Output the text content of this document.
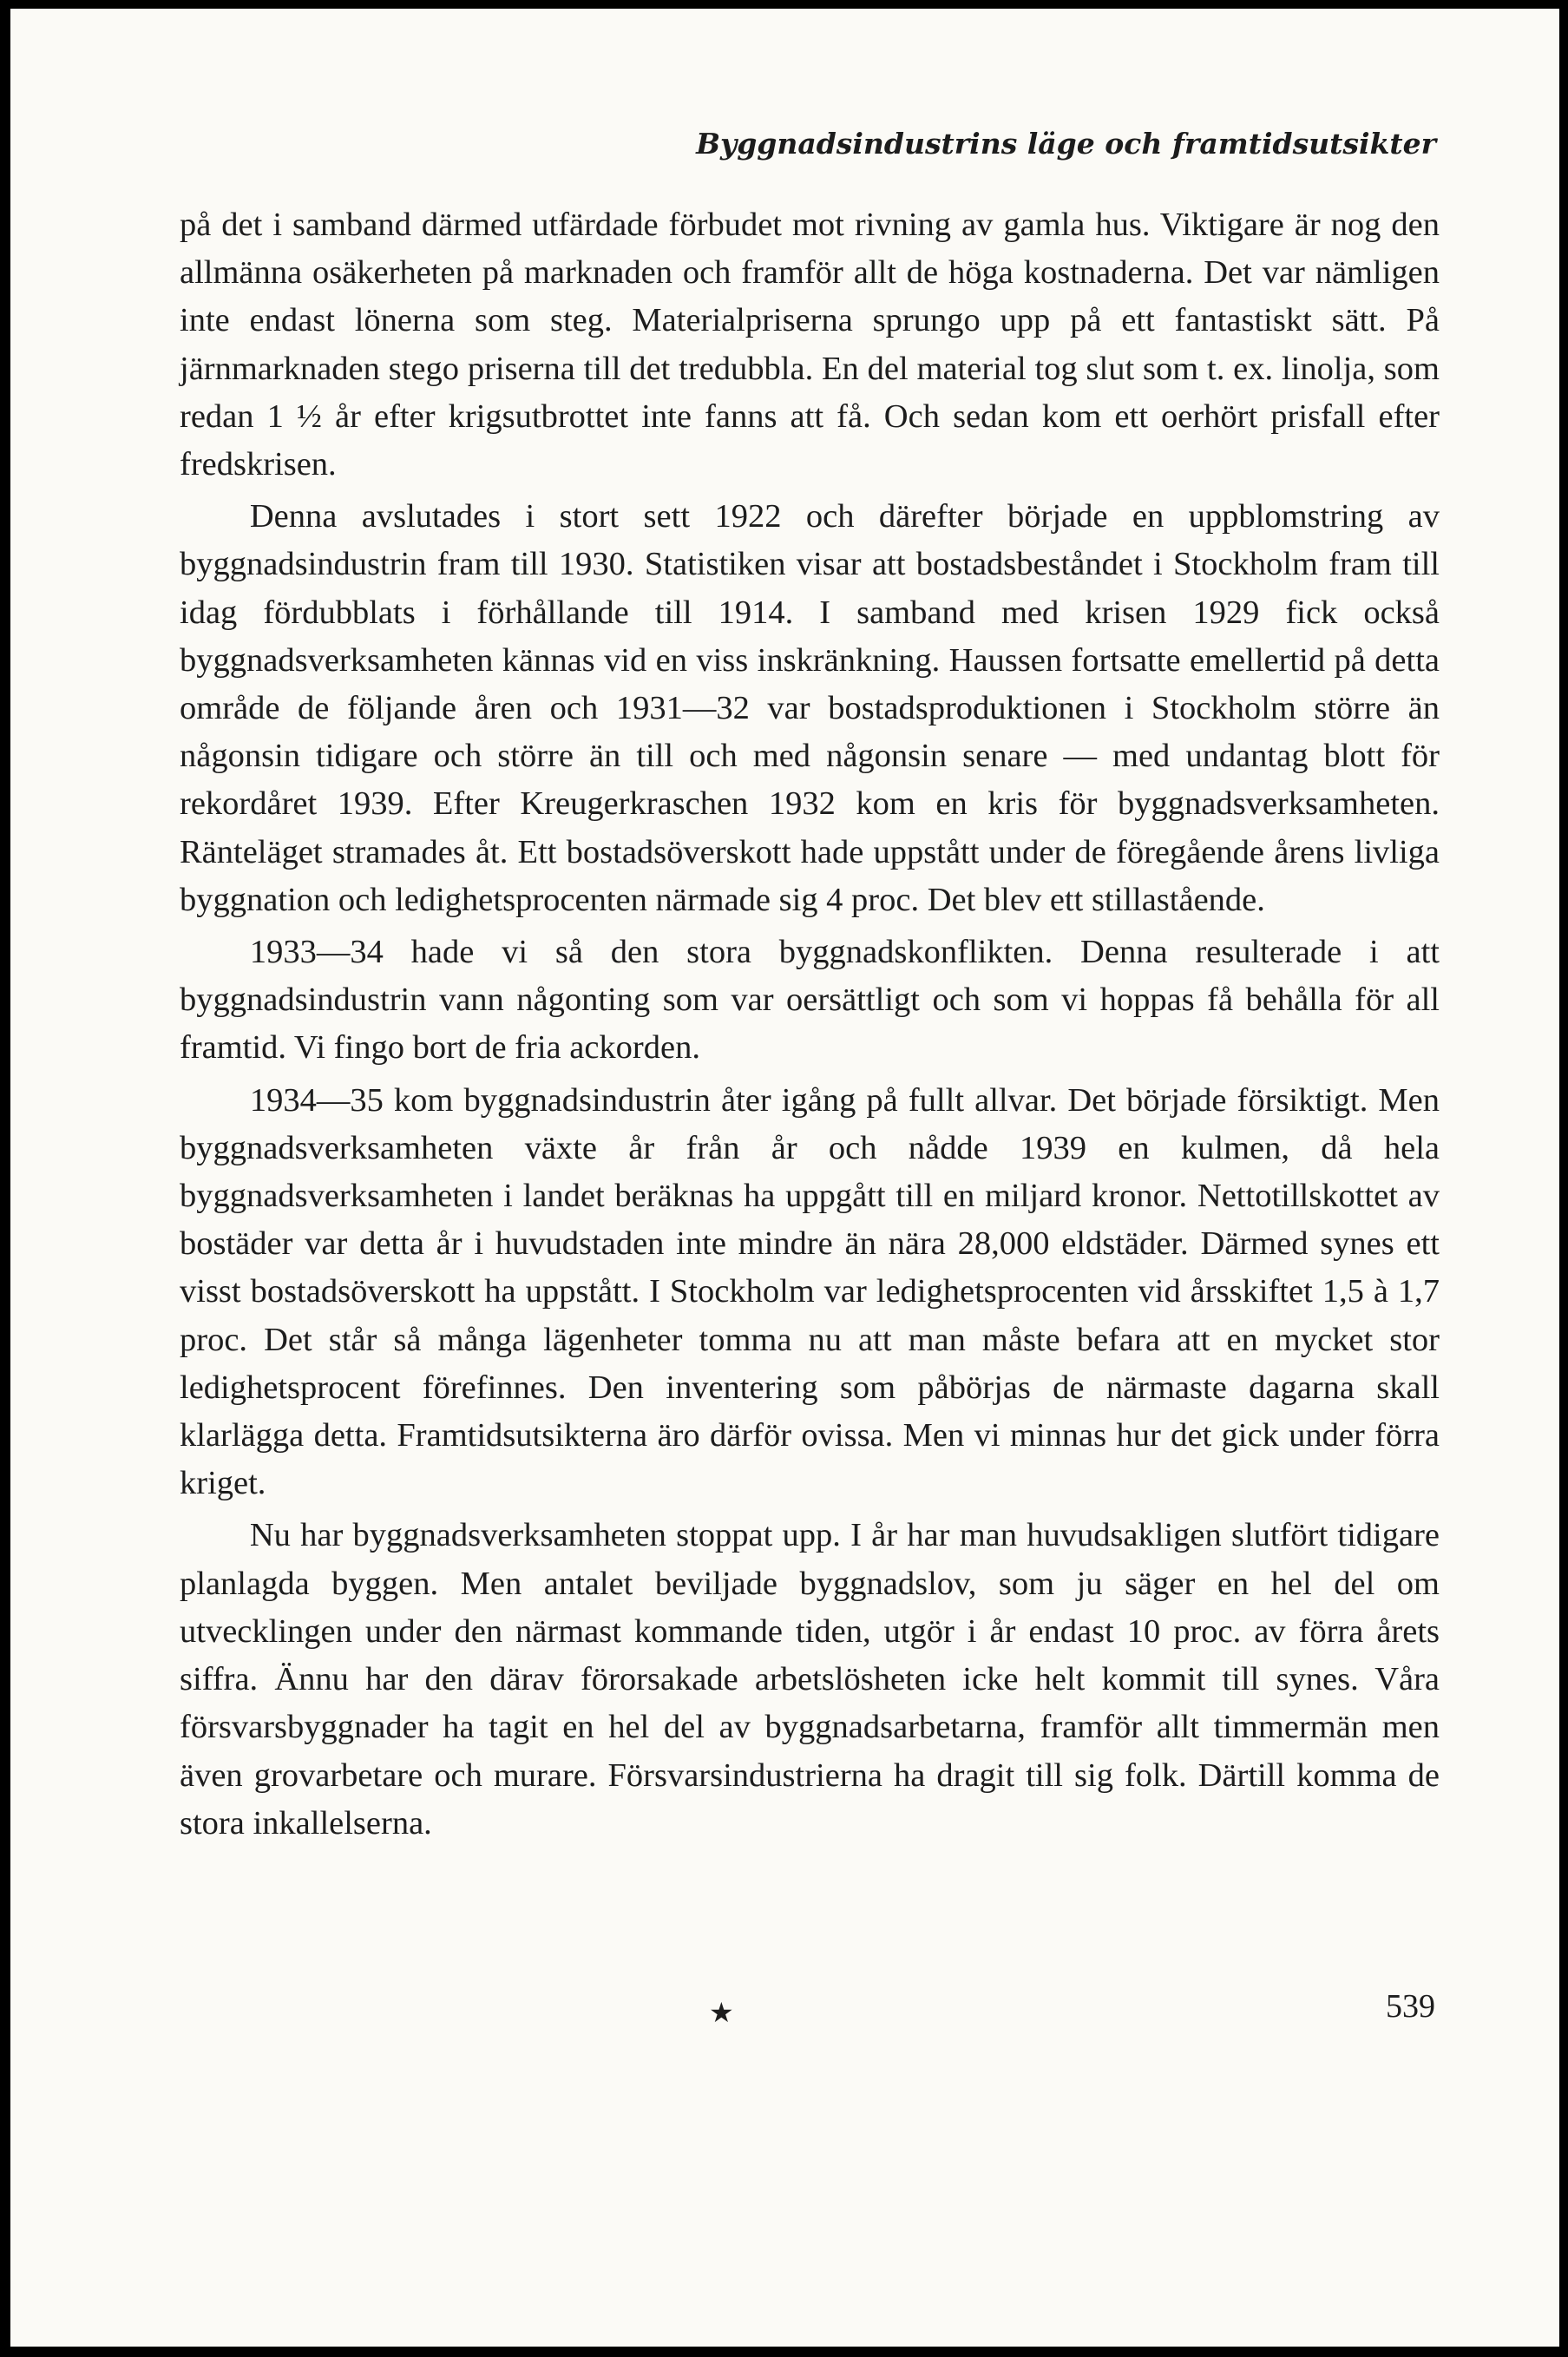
Byggnadsindustrins läge och framtidsutsikter

på det i samband därmed utfärdade förbudet mot rivning av gamla hus. Viktigare är nog den allmänna osäkerheten på marknaden och framför allt de höga kostnaderna. Det var nämligen inte endast lönerna som steg. Materialpriserna sprungo upp på ett fantastiskt sätt. På järnmarknaden stego priserna till det tredubbla. En del material tog slut som t. ex. linolja, som redan 1 ½ år efter krigsutbrottet inte fanns att få. Och sedan kom ett oerhört prisfall efter fredskrisen.

Denna avslutades i stort sett 1922 och därefter började en uppblomstring av byggnadsindustrin fram till 1930. Statistiken visar att bostadsbeståndet i Stockholm fram till idag fördubblats i förhållande till 1914. I samband med krisen 1929 fick också byggnadsverksamheten kännas vid en viss inskränkning. Haussen fortsatte emellertid på detta område de följande åren och 1931—32 var bostadsproduktionen i Stockholm större än någonsin tidigare och större än till och med någonsin senare — med undantag blott för rekordåret 1939. Efter Kreugerkraschen 1932 kom en kris för byggnadsverksamheten. Ränteläget stramades åt. Ett bostadsöverskott hade uppstått under de föregående årens livliga byggnation och ledighetsprocenten närmade sig 4 proc. Det blev ett stillastående.

1933—34 hade vi så den stora byggnadskonflikten. Denna resulterade i att byggnadsindustrin vann någonting som var oersättligt och som vi hoppas få behålla för all framtid. Vi fingo bort de fria ackorden.

1934—35 kom byggnadsindustrin åter igång på fullt allvar. Det började försiktigt. Men byggnadsverksamheten växte år från år och nådde 1939 en kulmen, då hela byggnadsverksamheten i landet beräknas ha uppgått till en miljard kronor. Nettotillskottet av bostäder var detta år i huvudstaden inte mindre än nära 28,000 eldstäder. Därmed synes ett visst bostadsöverskott ha uppstått. I Stockholm var ledighetsprocenten vid årsskiftet 1,5 à 1,7 proc. Det står så många lägenheter tomma nu att man måste befara att en mycket stor ledighetsprocent förefinnes. Den inventering som påbörjas de närmaste dagarna skall klarlägga detta. Framtidsutsikterna äro därför ovissa. Men vi minnas hur det gick under förra kriget.

Nu har byggnadsverksamheten stoppat upp. I år har man huvudsakligen slutfört tidigare planlagda byggen. Men antalet beviljade byggnadslov, som ju säger en hel del om utvecklingen under den närmast kommande tiden, utgör i år endast 10 proc. av förra årets siffra. Ännu har den därav förorsakade arbetslösheten icke helt kommit till synes. Våra försvarsbyggnader ha tagit en hel del av byggnadsarbetarna, framför allt timmermän men även grovarbetare och murare. Försvarsindustrierna ha dragit till sig folk. Därtill komma de stora inkallelserna.

★	539
